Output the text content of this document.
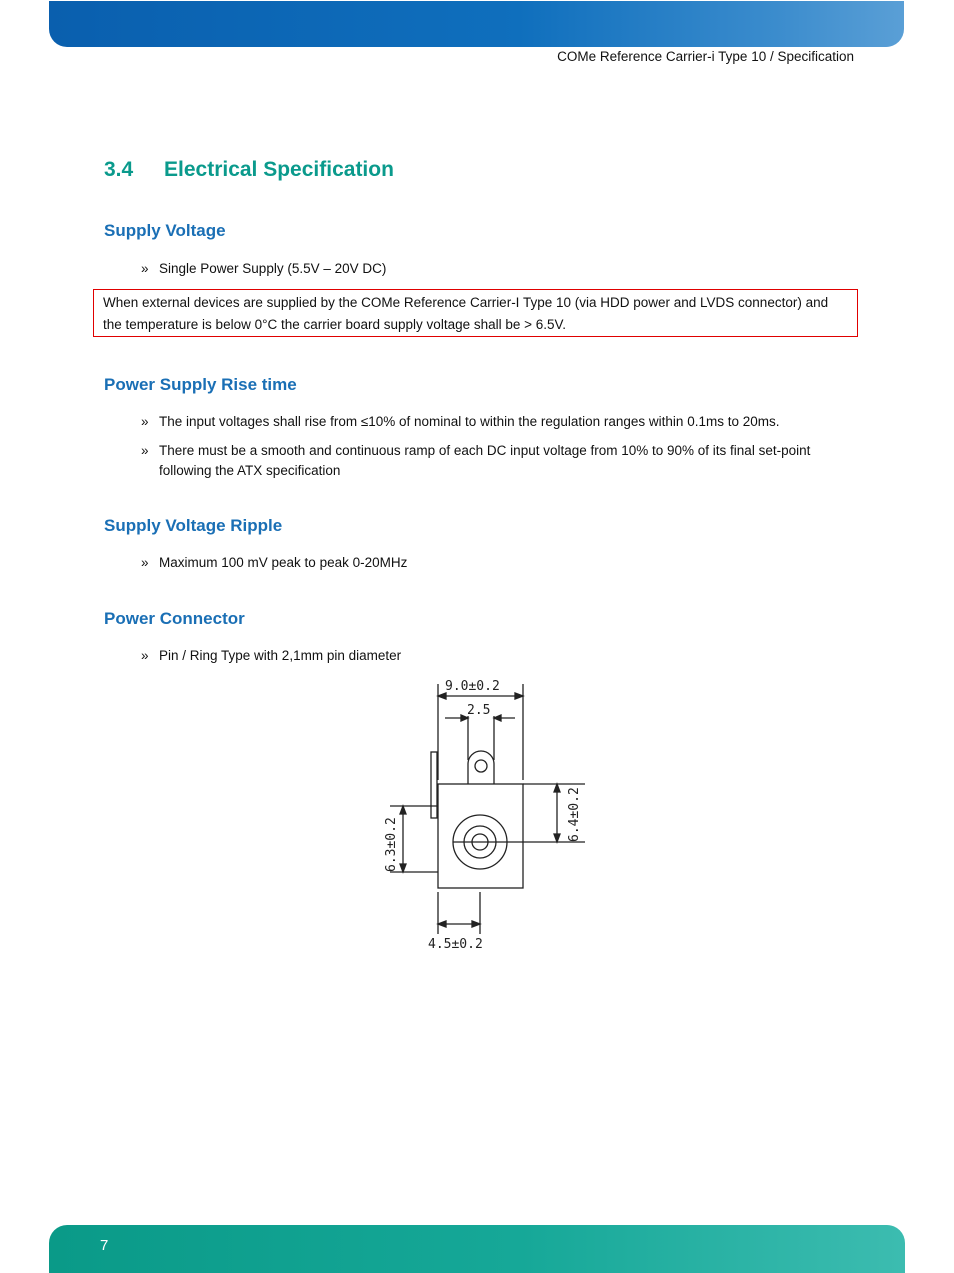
COMe Reference Carrier-i Type 10 / Specification
3.4 Electrical Specification
Supply Voltage
» Single Power Supply (5.5V – 20V DC)
When external devices are supplied by the COMe Reference Carrier-I Type 10 (via HDD power and LVDS connector) and
the temperature is below 0°C the carrier board supply voltage shall be > 6.5V.
Power Supply Rise time
» The input voltages shall rise from ≤10% of nominal to within the regulation ranges within 0.1ms to 20ms.
» There must be a smooth and continuous ramp of each DC input voltage from 10% to 90% of its final set-point
following the ATX specification
Supply Voltage Ripple
» Maximum 100 mV peak to peak 0-20MHz
Power Connector
» Pin / Ring Type with 2,1mm pin diameter
9.0±0.2
2.5
6.4±0.2
6.3±0.2
4.5±0.2
7
